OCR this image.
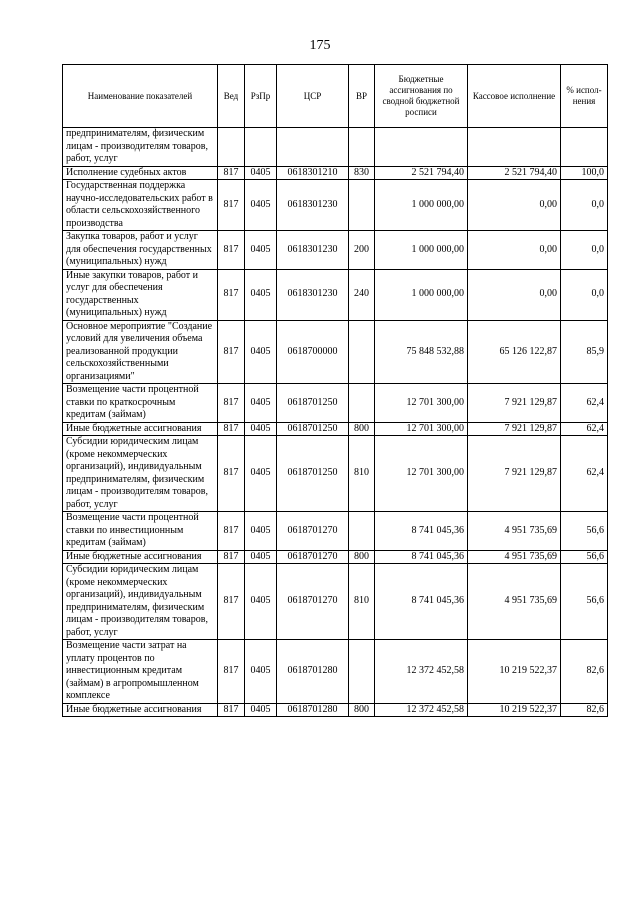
175
Наименование показателей	Вед	РзПр	ЦСР	ВР	Бюджетные ассигнования по сводной бюджетной росписи	Кассовое исполнение	% испол-нения
предпринимателям, физическим лицам - производителям товаров, работ, услуг							
Исполнение судебных актов	817	0405	0618301210	830	2 521 794,40	2 521 794,40	100,0
Государственная поддержка научно-исследовательских работ в области сельскохозяйственного производства	817	0405	0618301230		1 000 000,00	0,00	0,0
Закупка товаров, работ и услуг для обеспечения государственных (муниципальных) нужд	817	0405	0618301230	200	1 000 000,00	0,00	0,0
Иные закупки товаров, работ и услуг для обеспечения государственных (муниципальных) нужд	817	0405	0618301230	240	1 000 000,00	0,00	0,0
Основное мероприятие "Создание условий для увеличения объема реализованной продукции сельскохозяйственными организациями"	817	0405	0618700000		75 848 532,88	65 126 122,87	85,9
Возмещение части процентной ставки по краткосрочным кредитам (займам)	817	0405	0618701250		12 701 300,00	7 921 129,87	62,4
Иные бюджетные ассигнования	817	0405	0618701250	800	12 701 300,00	7 921 129,87	62,4
Субсидии юридическим лицам (кроме некоммерческих организаций), индивидуальным предпринимателям, физическим лицам - производителям товаров, работ, услуг	817	0405	0618701250	810	12 701 300,00	7 921 129,87	62,4
Возмещение части процентной ставки по инвестиционным кредитам (займам)	817	0405	0618701270		8 741 045,36	4 951 735,69	56,6
Иные бюджетные ассигнования	817	0405	0618701270	800	8 741 045,36	4 951 735,69	56,6
Субсидии юридическим лицам (кроме некоммерческих организаций), индивидуальным предпринимателям, физическим лицам - производителям товаров, работ, услуг	817	0405	0618701270	810	8 741 045,36	4 951 735,69	56,6
Возмещение части затрат на уплату процентов по инвестиционным кредитам (займам) в агропромышленном комплексе	817	0405	0618701280		12 372 452,58	10 219 522,37	82,6
Иные бюджетные ассигнования	817	0405	0618701280	800	12 372 452,58	10 219 522,37	82,6
